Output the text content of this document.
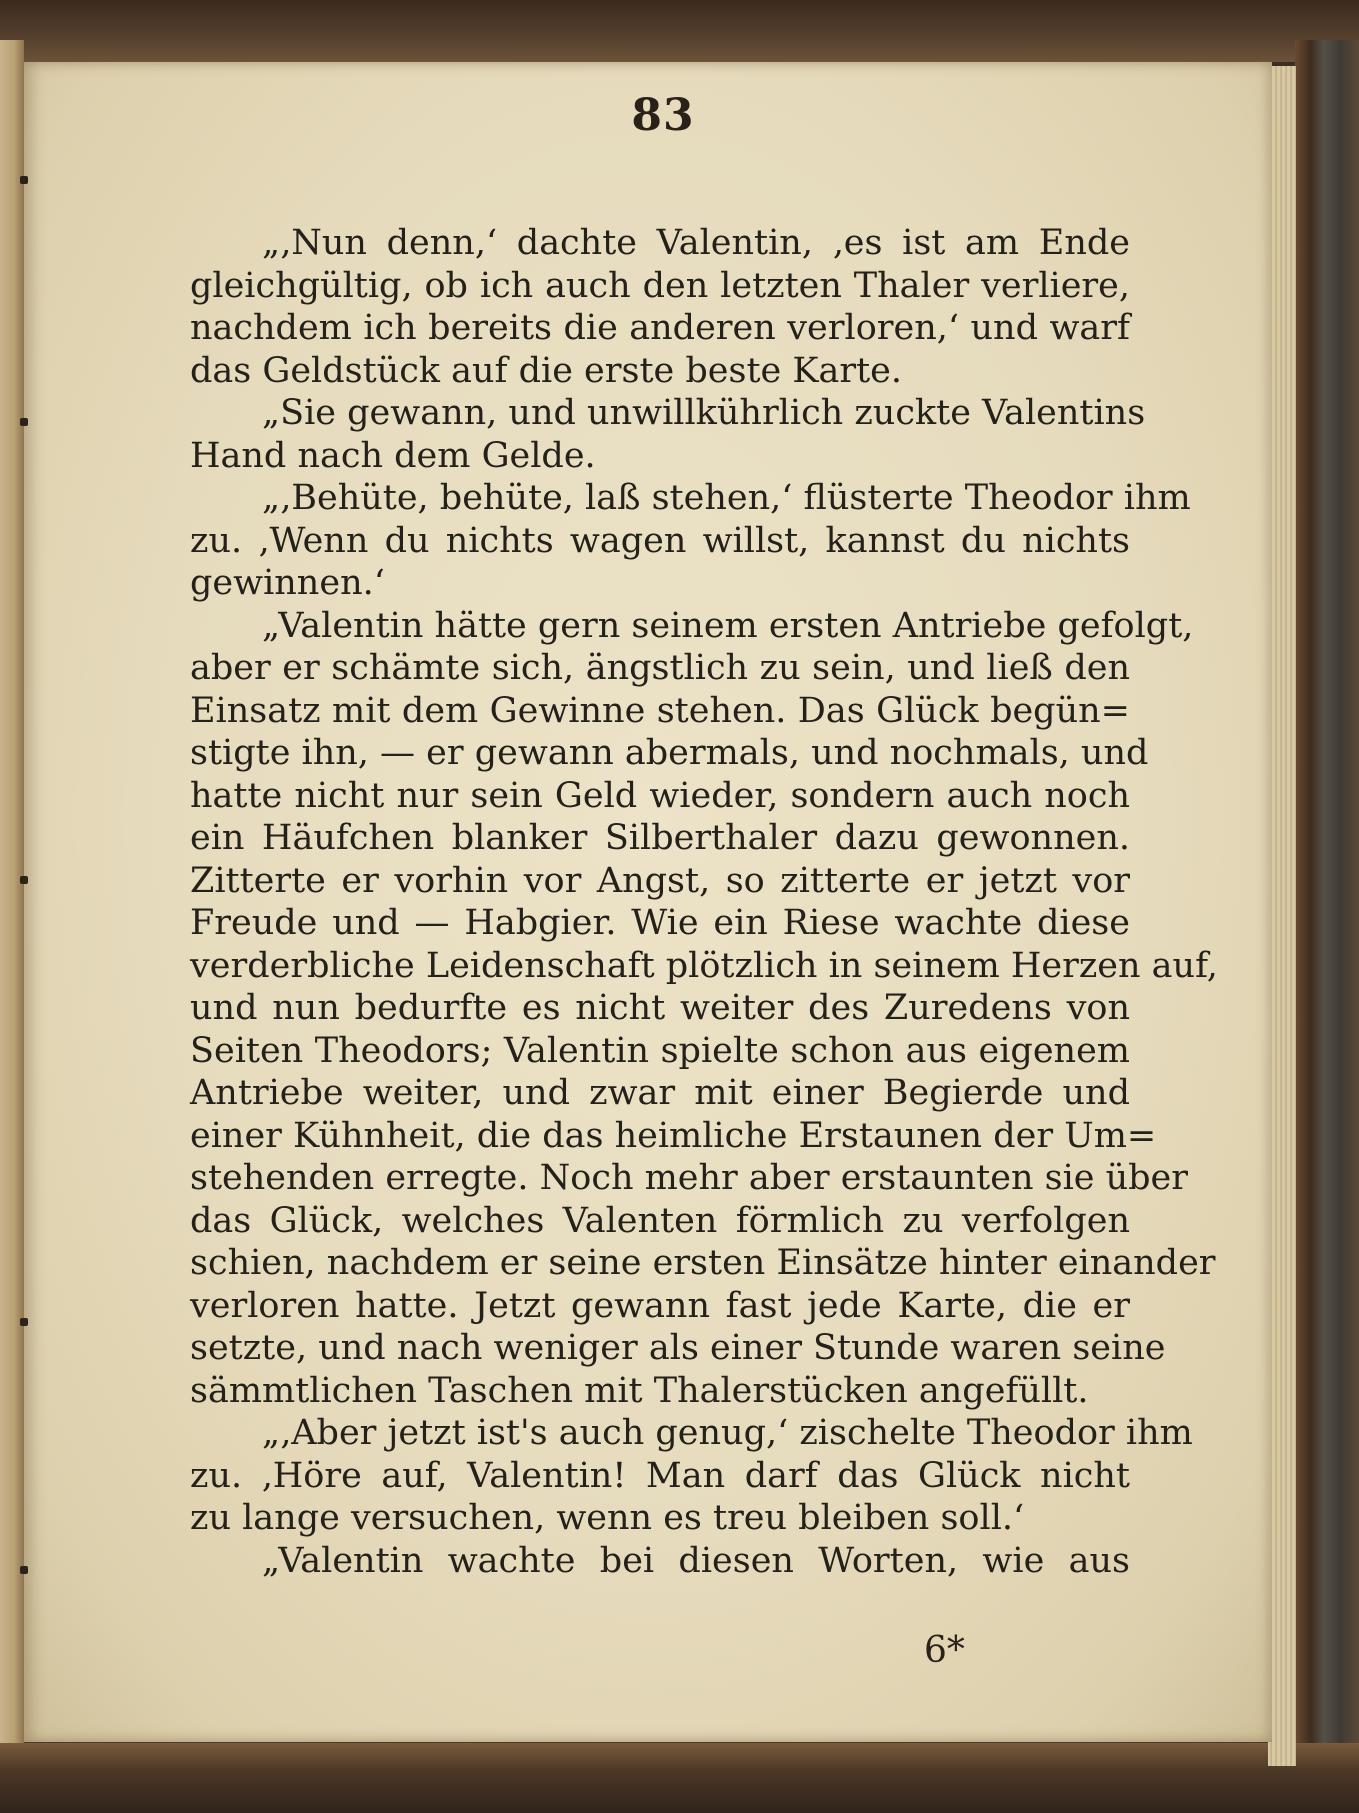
83
„‚Nun denn,‘ dachte Valentin, ‚es ist am Ende
gleichgültig, ob ich auch den letzten Thaler verliere,
nachdem ich bereits die anderen verloren,‘ und warf
das Geldstück auf die erste beste Karte.
„Sie gewann, und unwillkührlich zuckte Valentins
Hand nach dem Gelde.
„‚Behüte, behüte, laß stehen,‘ flüsterte Theodor ihm
zu. ‚Wenn du nichts wagen willst, kannst du nichts
gewinnen.‘
„Valentin hätte gern seinem ersten Antriebe gefolgt,
aber er schämte sich, ängstlich zu sein, und ließ den
Einsatz mit dem Gewinne stehen. Das Glück begün=
stigte ihn, — er gewann abermals, und nochmals, und
hatte nicht nur sein Geld wieder, sondern auch noch
ein Häufchen blanker Silberthaler dazu gewonnen.
Zitterte er vorhin vor Angst, so zitterte er jetzt vor
Freude und — Habgier. Wie ein Riese wachte diese
verderbliche Leidenschaft plötzlich in seinem Herzen auf,
und nun bedurfte es nicht weiter des Zuredens von
Seiten Theodors; Valentin spielte schon aus eigenem
Antriebe weiter, und zwar mit einer Begierde und
einer Kühnheit, die das heimliche Erstaunen der Um=
stehenden erregte. Noch mehr aber erstaunten sie über
das Glück, welches Valenten förmlich zu verfolgen
schien, nachdem er seine ersten Einsätze hinter einander
verloren hatte. Jetzt gewann fast jede Karte, die er
setzte, und nach weniger als einer Stunde waren seine
sämmtlichen Taschen mit Thalerstücken angefüllt.
„‚Aber jetzt ist's auch genug,‘ zischelte Theodor ihm
zu. ‚Höre auf, Valentin! Man darf das Glück nicht
zu lange versuchen, wenn es treu bleiben soll.‘
„Valentin wachte bei diesen Worten, wie aus
6*
